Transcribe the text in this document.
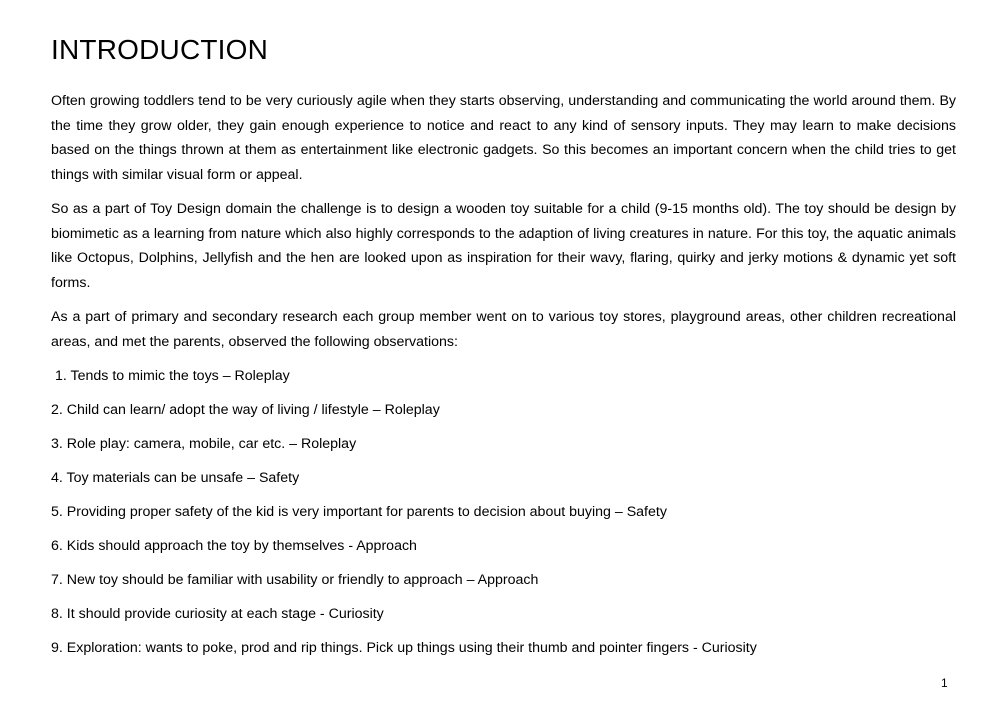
INTRODUCTION

Often growing toddlers tend to be very curiously agile when they starts observing, understanding and communicating the world around them. By the time they grow older, they gain enough experience to notice and react to any kind of sensory inputs. They may learn to make decisions based on the things thrown at them as entertainment like electronic gadgets. So this becomes an important concern when the child tries to get things with similar visual form or appeal.

So as a part of Toy Design domain the challenge is to design a wooden toy suitable for a child (9-15 months old). The toy should be design by biomimetic as a learning from nature which also highly corresponds to the adaption of living creatures in nature. For this toy, the aquatic animals like Octopus, Dolphins, Jellyfish and the hen are looked upon as inspiration for their wavy, flaring, quirky and jerky motions & dynamic yet soft forms.

As a part of primary and secondary research each group member went on to various toy stores, playground areas, other children recreational areas, and met the parents, observed the following observations:

1. Tends to mimic the toys – Roleplay
2. Child can learn/ adopt the way of living / lifestyle – Roleplay
3. Role play: camera, mobile, car etc. – Roleplay
4. Toy materials can be unsafe – Safety
5. Providing proper safety of the kid is very important for parents to decision about buying – Safety
6. Kids should approach the toy by themselves - Approach
7. New toy should be familiar with usability or friendly to approach – Approach
8. It should provide curiosity at each stage - Curiosity
9. Exploration: wants to poke, prod and rip things. Pick up things using their thumb and pointer fingers - Curiosity
1
